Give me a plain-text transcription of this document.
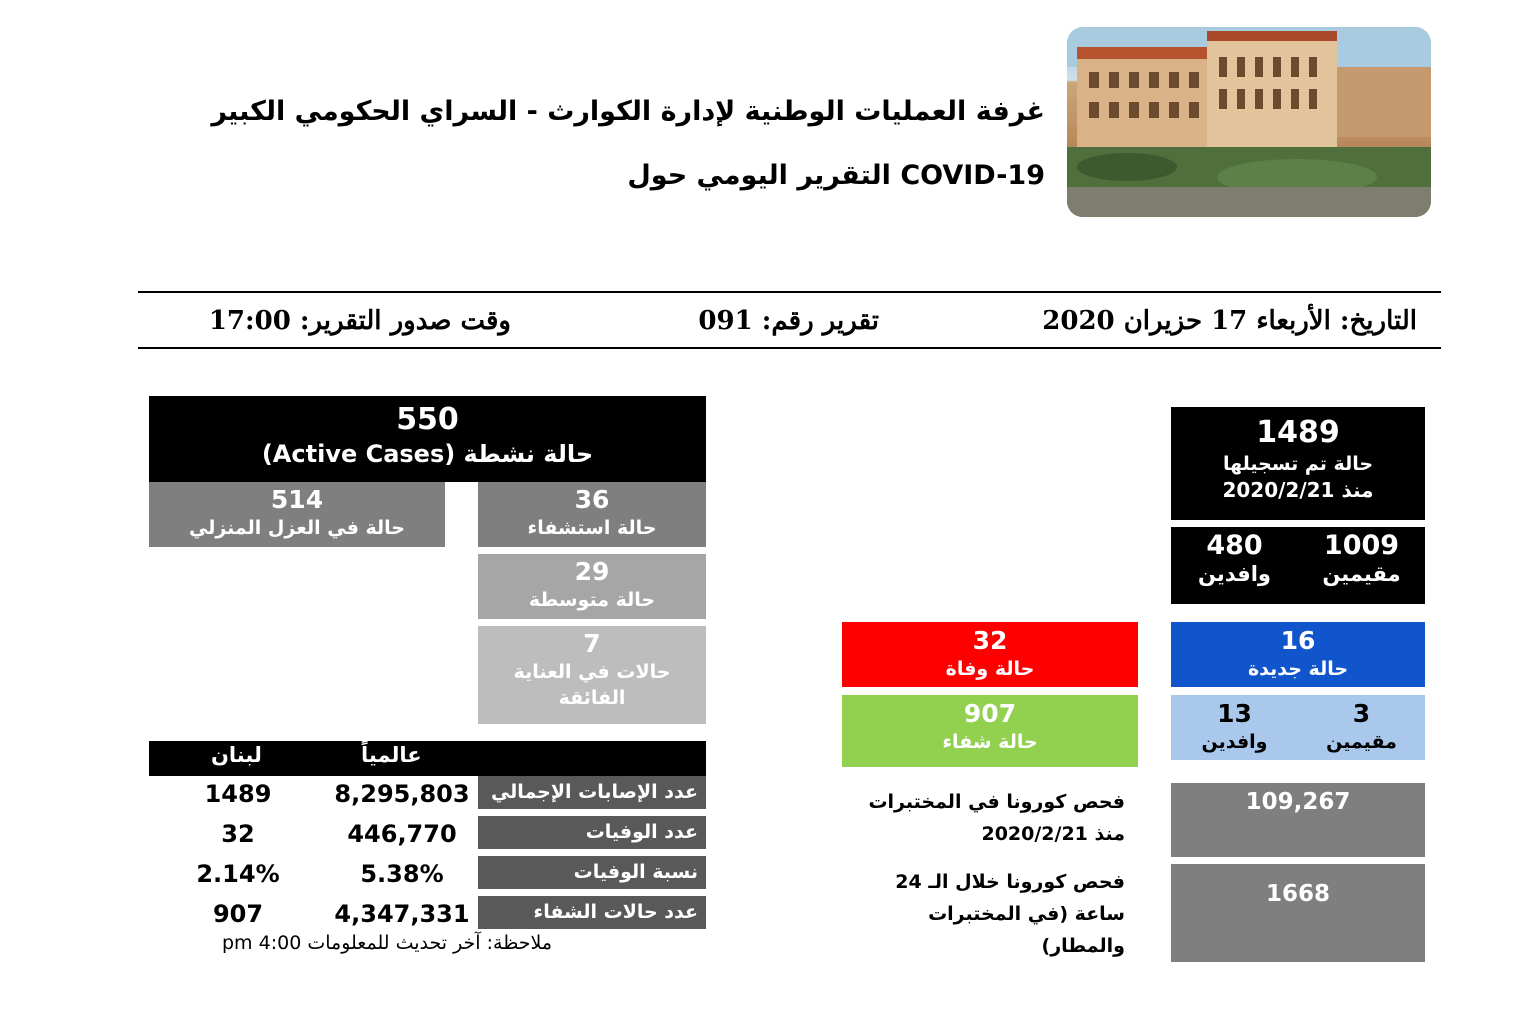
غرفة العمليات الوطنية لإدارة الكوارث - السراي الحكومي الكبير
التقرير اليومي حول COVID-19
التاريخ: الأربعاء 17 حزيران 2020
تقرير رقم: 091
وقت صدور التقرير: 17:00
1489
حالة تم تسجيلها
منذ 2020/2/21
1009
مقيمين
480
وافدين
16
حالة جديدة
3
مقيمين
13
وافدين
32
حالة وفاة
907
حالة شفاء
109,267
فحص كورونا في المختبرات
منذ 2020/2/21
1668
فحص كورونا خلال الـ 24
ساعة (في المختبرات
والمطار)
550
حالة نشطة (Active Cases)
514
حالة في العزل المنزلي
36
حالة استشفاء
29
حالة متوسطة
7
حالات في العناية
الفائقة
عالمياً
لبنان
عدد الإصابات الإجمالي
8,295,803
1489
عدد الوفيات
446,770
32
نسبة الوفيات
5.38%
2.14%
عدد حالات الشفاء
4,347,331
907
ملاحظة: آخر تحديث للمعلومات 4:00 pm
